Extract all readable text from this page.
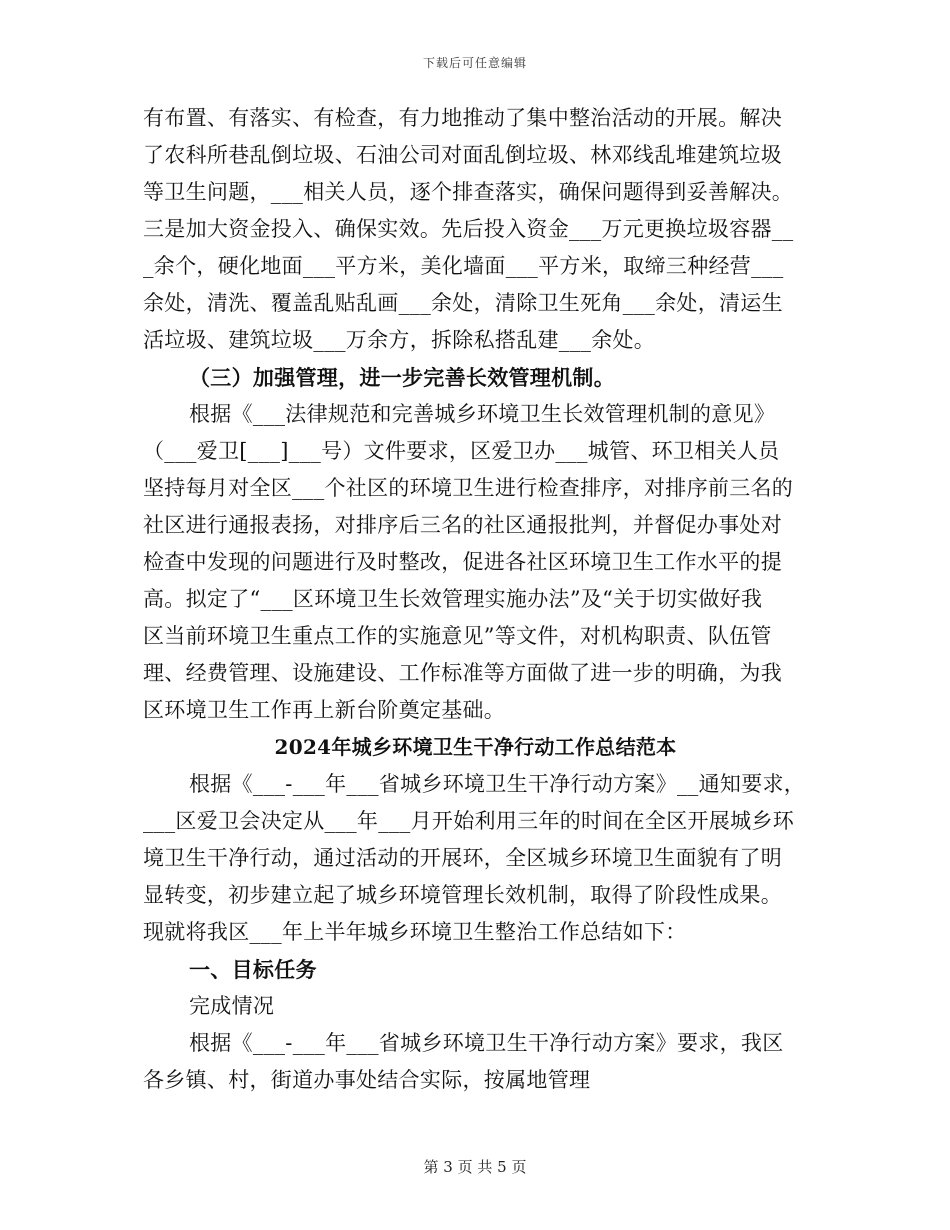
下载后可任意编辑
有布置、有落实、有检查，有力地推动了集中整治活动的开展。解决
了农科所巷乱倒垃圾、石油公司对面乱倒垃圾、林邓线乱堆建筑垃圾
等卫生问题，___相关人员，逐个排查落实，确保问题得到妥善解决。
三是加大资金投入、确保实效。先后投入资金___万元更换垃圾容器__
_余个，硬化地面___平方米，美化墙面___平方米，取缔三种经营___
余处，清洗、覆盖乱贴乱画___余处，清除卫生死角___余处，清运生
活垃圾、建筑垃圾___万余方，拆除私搭乱建___余处。
（三）加强管理，进一步完善长效管理机制。
根据《___法律规范和完善城乡环境卫生长效管理机制的意见》
（___爱卫[___]___号）文件要求，区爱卫办___城管、环卫相关人员
坚持每月对全区___个社区的环境卫生进行检查排序，对排序前三名的
社区进行通报表扬，对排序后三名的社区通报批判，并督促办事处对
检查中发现的问题进行及时整改，促进各社区环境卫生工作水平的提
高。拟定了“___区环境卫生长效管理实施办法”及“关于切实做好我
区当前环境卫生重点工作的实施意见”等文件，对机构职责、队伍管
理、经费管理、设施建设、工作标准等方面做了进一步的明确，为我
区环境卫生工作再上新台阶奠定基础。
2024年城乡环境卫生干净行动工作总结范本
根据《___-___年___省城乡环境卫生干净行动方案》__通知要求，
___区爱卫会决定从___年___月开始利用三年的时间在全区开展城乡环
境卫生干净行动，通过活动的开展环，全区城乡环境卫生面貌有了明
显转变，初步建立起了城乡环境管理长效机制，取得了阶段性成果。
现就将我区___年上半年城乡环境卫生整治工作总结如下：
一、目标任务
完成情况
根据《___-___年___省城乡环境卫生干净行动方案》要求，我区
各乡镇、村，街道办事处结合实际，按属地管理
第 3 页 共 5 页
